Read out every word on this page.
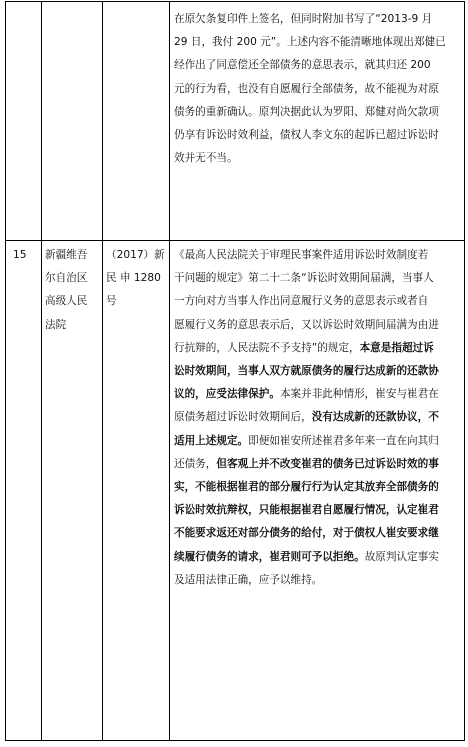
在原欠条复印件上签名，但同时附加书写了“2013-9 月
29 日，我付 200 元”。上述内容不能清晰地体现出郑健已
经作出了同意偿还全部债务的意思表示，就其归还 200
元的行为看，也没有自愿履行全部债务，故不能视为对原
债务的重新确认。原判决据此认为罗阳、郑健对尚欠款项
仍享有诉讼时效利益，债权人李文东的起诉已超过诉讼时
效并无不当。
15	新疆维吾
尔自治区
高级人民
法院
（2017）新
民 申 1280
号
《最高人民法院关于审理民事案件适用诉讼时效制度若
干问题的规定》第二十二条“诉讼时效期间届满，当事人
一方向对方当事人作出同意履行义务的意思表示或者自
愿履行义务的意思表示后，又以诉讼时效期间届满为由进
行抗辩的，人民法院不予支持”的规定，本意是指超过诉
讼时效期间，当事人双方就原债务的履行达成新的还款协
议的，应受法律保护。本案并非此种情形，崔安与崔君在
原债务超过诉讼时效期间后，没有达成新的还款协议，不
适用上述规定。即便如崔安所述崔君多年来一直在向其归
还债务，但客观上并不改变崔君的债务已过诉讼时效的事
实，不能根据崔君的部分履行行为认定其放弃全部债务的
诉讼时效抗辩权，只能根据崔君自愿履行情况，认定崔君
不能要求返还对部分债务的给付，对于债权人崔安要求继
续履行债务的请求，崔君则可予以拒绝。故原判认定事实
及适用法律正确，应予以维持。
